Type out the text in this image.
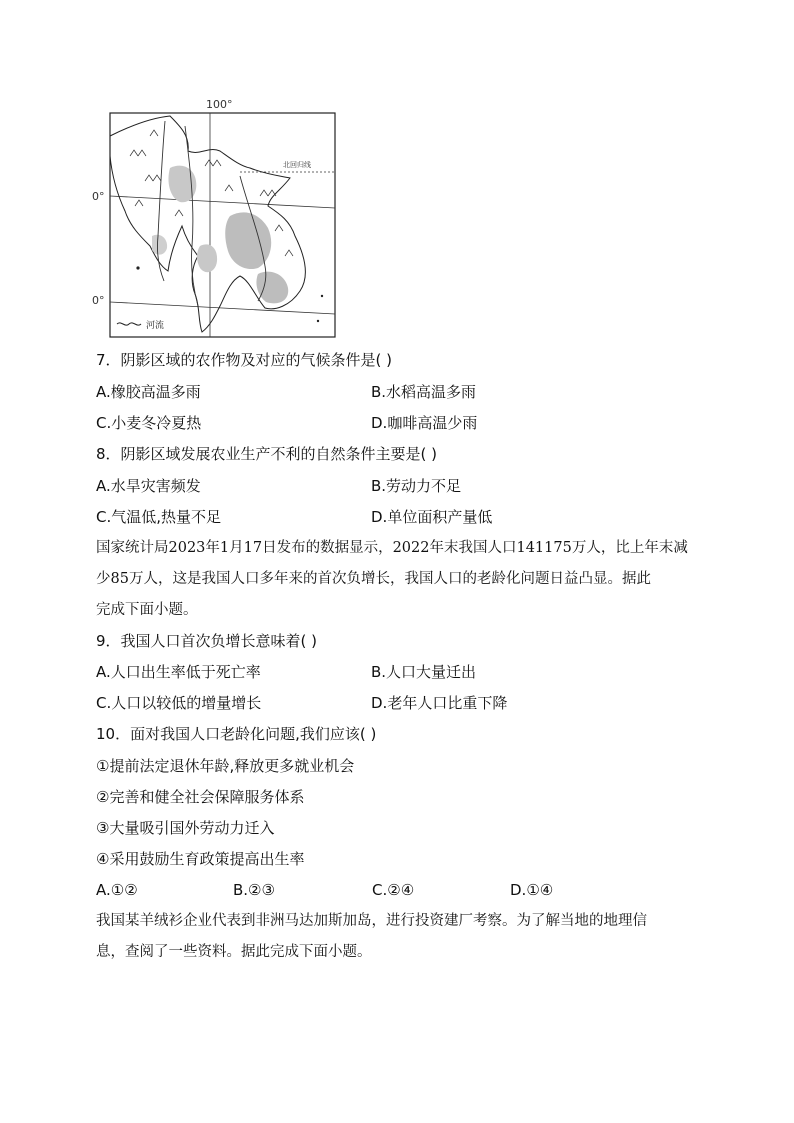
100°
北回归线
0°
0°
河流
7．阴影区域的农作物及对应的气候条件是( )
A.橡胶高温多雨	B.水稻高温多雨
C.小麦冬冷夏热	D.咖啡高温少雨
8．阴影区域发展农业生产不利的自然条件主要是( )
A.水旱灾害频发	B.劳动力不足
C.气温低,热量不足	D.单位面积产量低
国家统计局2023年1月17日发布的数据显示，2022年末我国人口141175万人，比上年末减
少85万人，这是我国人口多年来的首次负增长，我国人口的老龄化问题日益凸显。据此
完成下面小题。
9．我国人口首次负增长意味着( )
A.人口出生率低于死亡率	B.人口大量迁出
C.人口以较低的增量增长	D.老年人口比重下降
10．面对我国人口老龄化问题,我们应该( )
①提前法定退休年龄,释放更多就业机会
②完善和健全社会保障服务体系
③大量吸引国外劳动力迁入
④采用鼓励生育政策提高出生率
A.①②	B.②③	C.②④	D.①④
我国某羊绒衫企业代表到非洲马达加斯加岛，进行投资建厂考察。为了解当地的地理信
息，查阅了一些资料。据此完成下面小题。
